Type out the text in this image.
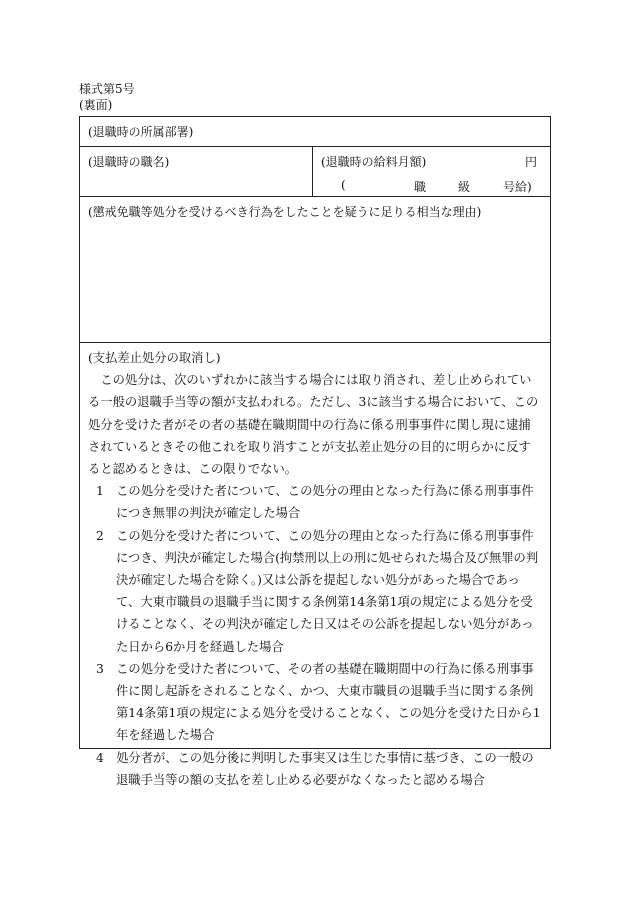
様式第5号
(裏面)
(退職時の所属部署)
(退職時の職名)	(退職時の給料月額)	円
(	職	級	号給)
(懲戒免職等処分を受けるべき行為をしたことを疑うに足りる相当な理由)
(支払差止処分の取消し)
この処分は、次のいずれかに該当する場合には取り消され、差し止められている一般の退職手当等の額が支払われる。ただし、3に該当する場合において、この処分を受けた者がその者の基礎在職期間中の行為に係る刑事事件に関し現に逮捕されているときその他これを取り消すことが支払差止処分の目的に明らかに反すると認めるときは、この限りでない。
1　この処分を受けた者について、この処分の理由となった行為に係る刑事事件につき無罪の判決が確定した場合
2　この処分を受けた者について、この処分の理由となった行為に係る刑事事件につき、判決が確定した場合(拘禁刑以上の刑に処せられた場合及び無罪の判決が確定した場合を除く。)又は公訴を提起しない処分があった場合であって、大東市職員の退職手当に関する条例第14条第1項の規定による処分を受けることなく、その判決が確定した日又はその公訴を提起しない処分があった日から6か月を経過した場合
3　この処分を受けた者について、その者の基礎在職期間中の行為に係る刑事事件に関し起訴をされることなく、かつ、大東市職員の退職手当に関する条例第14条第1項の規定による処分を受けることなく、この処分を受けた日から1年を経過した場合
4　処分者が、この処分後に判明した事実又は生じた事情に基づき、この一般の退職手当等の額の支払を差し止める必要がなくなったと認める場合
